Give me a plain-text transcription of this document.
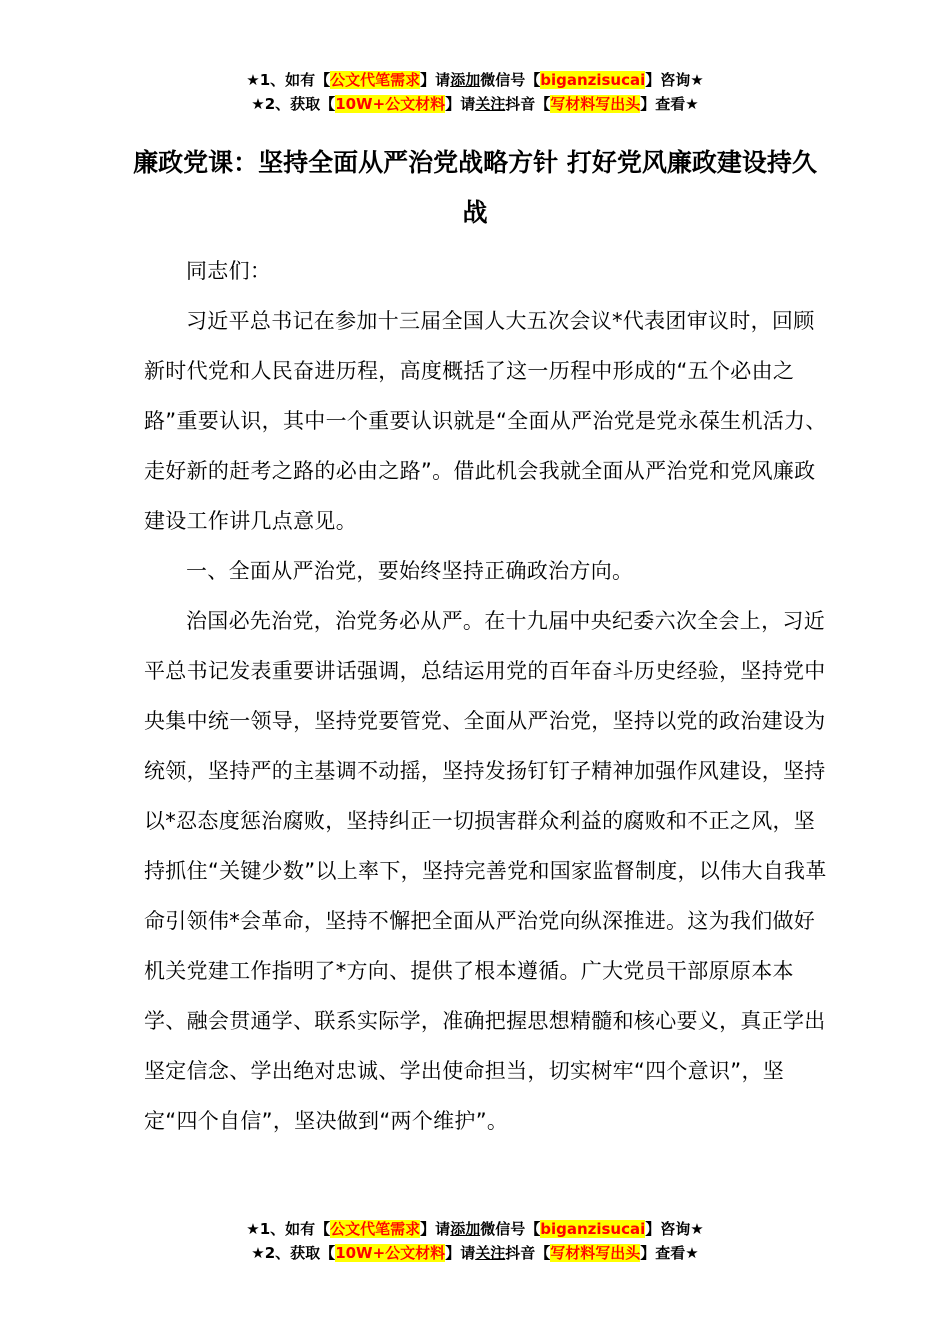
★1、如有【公文代笔需求】请添加微信号【biganzisucai】咨询★
★2、获取【10W+公文材料】请关注抖音【写材料写出头】查看★
廉政党课：坚持全面从严治党战略方针 打好党风廉政建设持久战

同志们：

习近平总书记在参加十三届全国人大五次会议*代表团审议时，回顾新时代党和人民奋进历程，高度概括了这一历程中形成的“五个必由之路”重要认识，其中一个重要认识就是“全面从严治党是党永葆生机活力、走好新的赶考之路的必由之路”。借此机会我就全面从严治党和党风廉政建设工作讲几点意见。

一、全面从严治党，要始终坚持正确政治方向。

治国必先治党，治党务必从严。在十九届中央纪委六次全会上，习近平总书记发表重要讲话强调，总结运用党的百年奋斗历史经验，坚持党中央集中统一领导，坚持党要管党、全面从严治党，坚持以党的政治建设为统领，坚持严的主基调不动摇，坚持发扬钉钉子精神加强作风建设，坚持以*忍态度惩治腐败，坚持纠正一切损害群众利益的腐败和不正之风，坚持抓住“关键少数”以上率下，坚持完善党和国家监督制度，以伟大自我革命引领伟*会革命，坚持不懈把全面从严治党向纵深推进。这为我们做好机关党建工作指明了*方向、提供了根本遵循。广大党员干部原原本本学、融会贯通学、联系实际学，准确把握思想精髓和核心要义，真正学出坚定信念、学出绝对忠诚、学出使命担当，切实树牢“四个意识”，坚定“四个自信”，坚决做到“两个维护”。

★1、如有【公文代笔需求】请添加微信号【biganzisucai】咨询★
★2、获取【10W+公文材料】请关注抖音【写材料写出头】查看★
